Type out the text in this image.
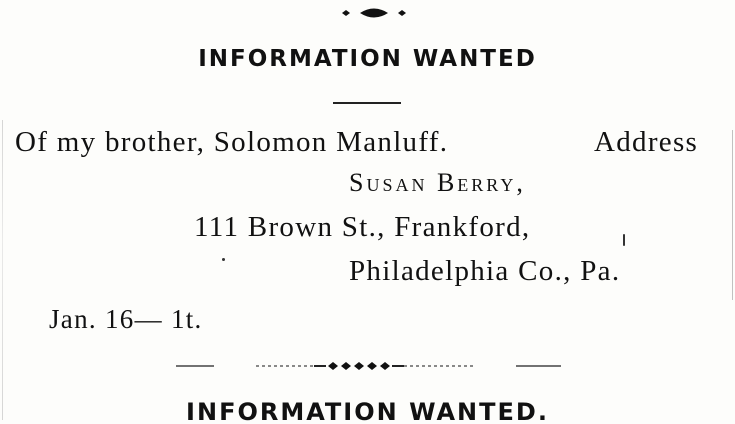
INFORMATION WANTED
Of my brother, Solomon Manluff.	Address
Susan Berry,
111 Brown St., Frankford,
Philadelphia Co., Pa.
Jan. 16— 1t.
INFORMATION WANTED.
